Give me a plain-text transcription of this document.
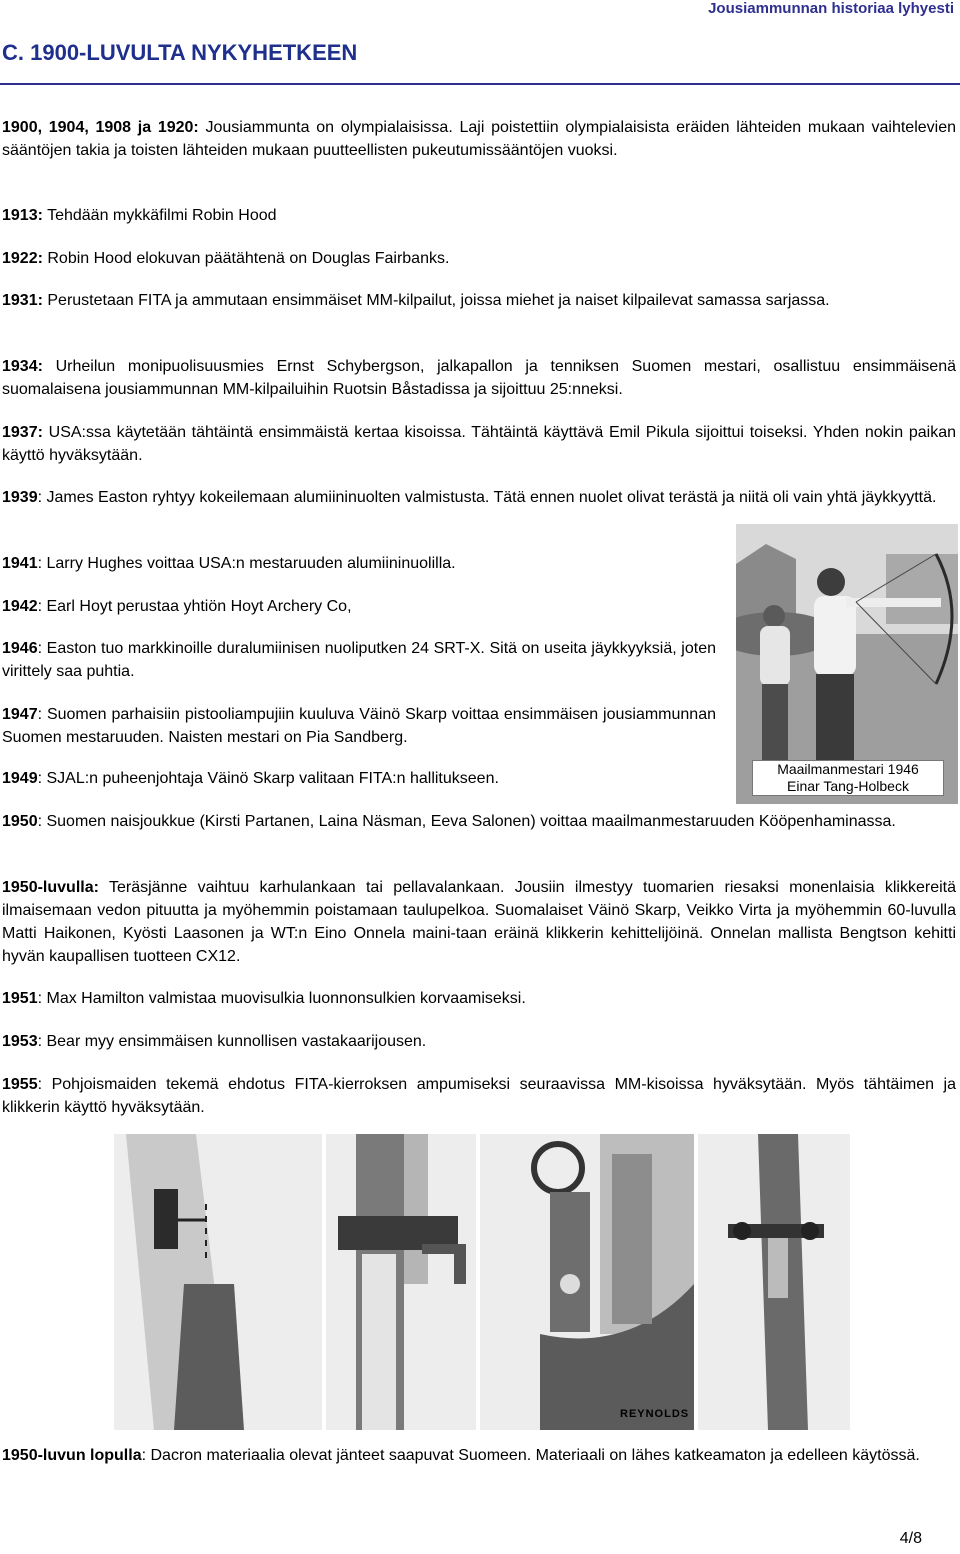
Jousiammunnan historiaa lyhyesti
C. 1900-LUVULTA NYKYHETKEEN

1900, 1904, 1908 ja 1920: Jousiammunta on olympialaisissa. Laji poistettiin olympialaisista eräiden lähteiden mukaan vaihtelevien sääntöjen takia ja toisten lähteiden mukaan puutteellisten pukeutumissääntöjen vuoksi.

1913: Tehdään mykkäfilmi Robin Hood

1922: Robin Hood elokuvan päätähtenä on Douglas Fairbanks.

1931: Perustetaan FITA ja ammutaan ensimmäiset MM-kilpailut, joissa miehet ja naiset kilpailevat samassa sarjassa.

1934: Urheilun monipuolisuusmies Ernst Schybergson, jalkapallon ja tenniksen Suomen mestari, osallistuu ensimmäisenä suomalaisena jousiammunnan MM-kilpailuihin Ruotsin Båstadissa ja sijoittuu 25:nneksi.

1937: USA:ssa käytetään tähtäintä ensimmäistä kertaa kisoissa. Tähtäintä käyttävä Emil Pikula sijoittui toiseksi. Yhden nokin paikan käyttö hyväksytään.

1939: James Easton ryhtyy kokeilemaan alumiininuolten valmistusta. Tätä ennen nuolet olivat terästä ja niitä oli vain yhtä jäykkyyttä.

1941: Larry Hughes voittaa USA:n mestaruuden alumiininuolilla.

1942: Earl Hoyt perustaa yhtiön Hoyt Archery Co,

1946: Easton tuo markkinoille duralumiinisen nuoliputken 24 SRT-X. Sitä on useita jäykkyyksiä, joten virittely saa puhtia.

1947: Suomen parhaisiin pistooliampujiin kuuluva Väinö Skarp voittaa ensimmäisen jousiammunnan Suomen mestaruuden. Naisten mestari on Pia Sandberg.

1949: SJAL:n puheenjohtaja Väinö Skarp valitaan FITA:n hallitukseen.

1950: Suomen naisjoukkue (Kirsti Partanen, Laina Näsman, Eeva Salonen) voittaa maailmanmestaruuden Kööpenhaminassa.

1950-luvulla: Teräsjänne vaihtuu karhulankaan tai pellavalankaan. Jousiin ilmestyy tuomarien riesaksi monenlaisia klikkereitä ilmaisemaan vedon pituutta ja myöhemmin poistamaan taulupelkoa. Suomalaiset Väinö Skarp, Veikko Virta ja myöhemmin 60-luvulla Matti Haikonen, Kyösti Laasonen ja WT:n Eino Onnela maini-taan eräinä klikkerin kehittelijöinä. Onnelan mallista Bengtson kehitti hyvän kaupallisen tuotteen CX12.

1951: Max Hamilton valmistaa muovisulkia luonnonsulkien korvaamiseksi.

1953: Bear myy ensimmäisen kunnollisen vastakaarijousen.

1955: Pohjoismaiden tekemä ehdotus FITA-kierroksen ampumiseksi seuraavissa MM-kisoissa hyväksytään. Myös tähtäimen ja klikkerin käyttö hyväksytään.

1950-luvun lopulla: Dacron materiaalia olevat jänteet saapuvat Suomeen. Materiaali on lähes katkeamaton ja edelleen käytössä.

Maailmanmestari 1946
Einar Tang-Holbeck
REYNOLDS
4/8
